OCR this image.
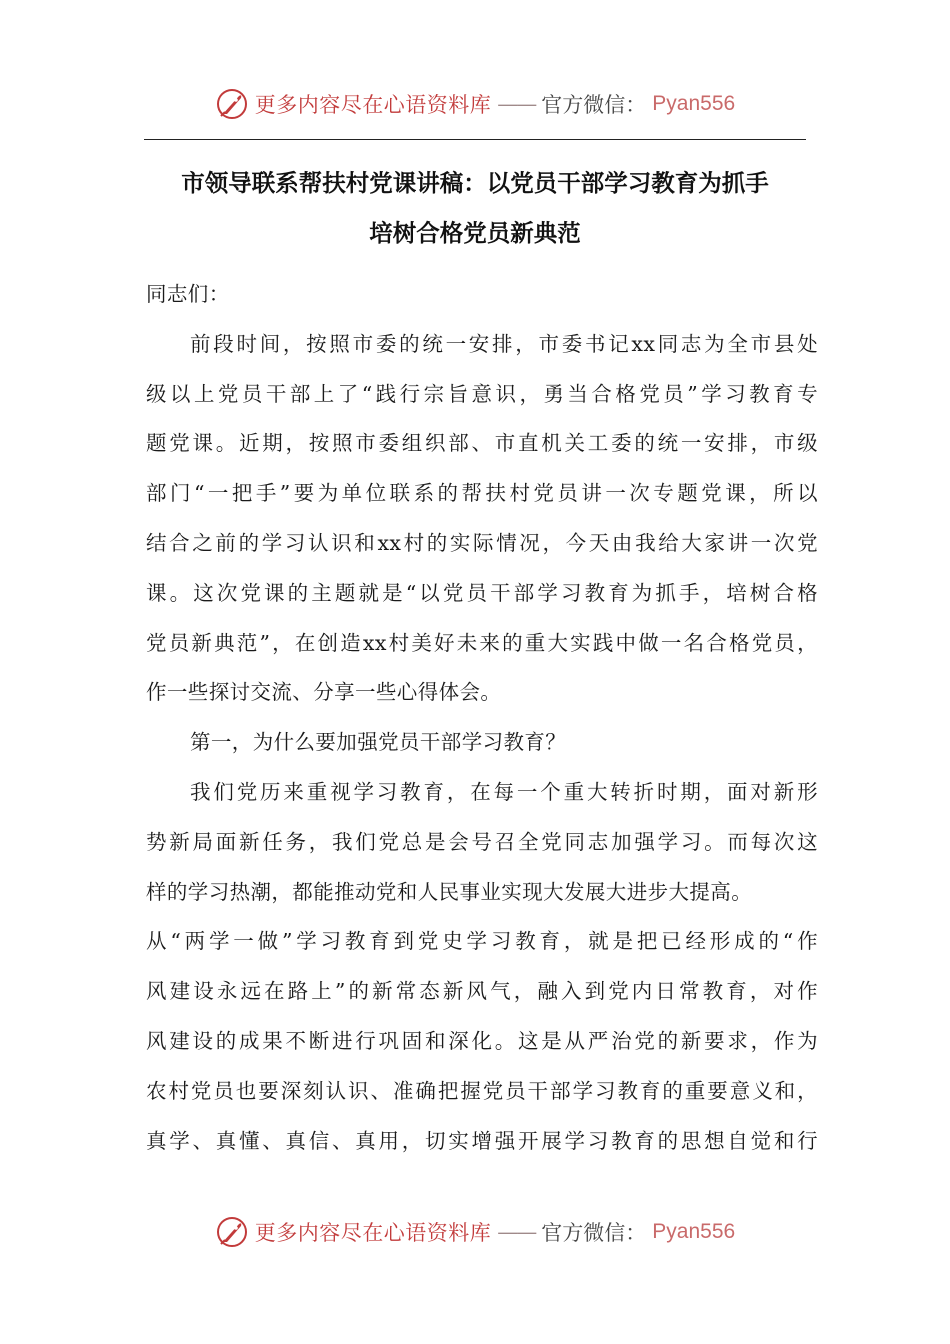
更多内容尽在心语资料库 —— 官方微信： Pyan556
市领导联系帮扶村党课讲稿：以党员干部学习教育为抓手
培树合格党员新典范

同志们：

前段时间，按照市委的统一安排，市委书记xx同志为全市县处
级以上党员干部上了“践行宗旨意识，勇当合格党员”学习教育专
题党课。近期，按照市委组织部、市直机关工委的统一安排，市级
部门“一把手”要为单位联系的帮扶村党员讲一次专题党课，所以
结合之前的学习认识和xx村的实际情况，今天由我给大家讲一次党
课。这次党课的主题就是“以党员干部学习教育为抓手，培树合格
党员新典范”，在创造xx村美好未来的重大实践中做一名合格党员，
作一些探讨交流、分享一些心得体会。

第一，为什么要加强党员干部学习教育？

我们党历来重视学习教育，在每一个重大转折时期，面对新形
势新局面新任务，我们党总是会号召全党同志加强学习。而每次这
样的学习热潮，都能推动党和人民事业实现大发展大进步大提高。
从“两学一做”学习教育到党史学习教育，就是把已经形成的“作
风建设永远在路上”的新常态新风气，融入到党内日常教育，对作
风建设的成果不断进行巩固和深化。这是从严治党的新要求，作为
农村党员也要深刻认识、准确把握党员干部学习教育的重要意义和，
真学、真懂、真信、真用，切实增强开展学习教育的思想自觉和行

更多内容尽在心语资料库 —— 官方微信： Pyan556
